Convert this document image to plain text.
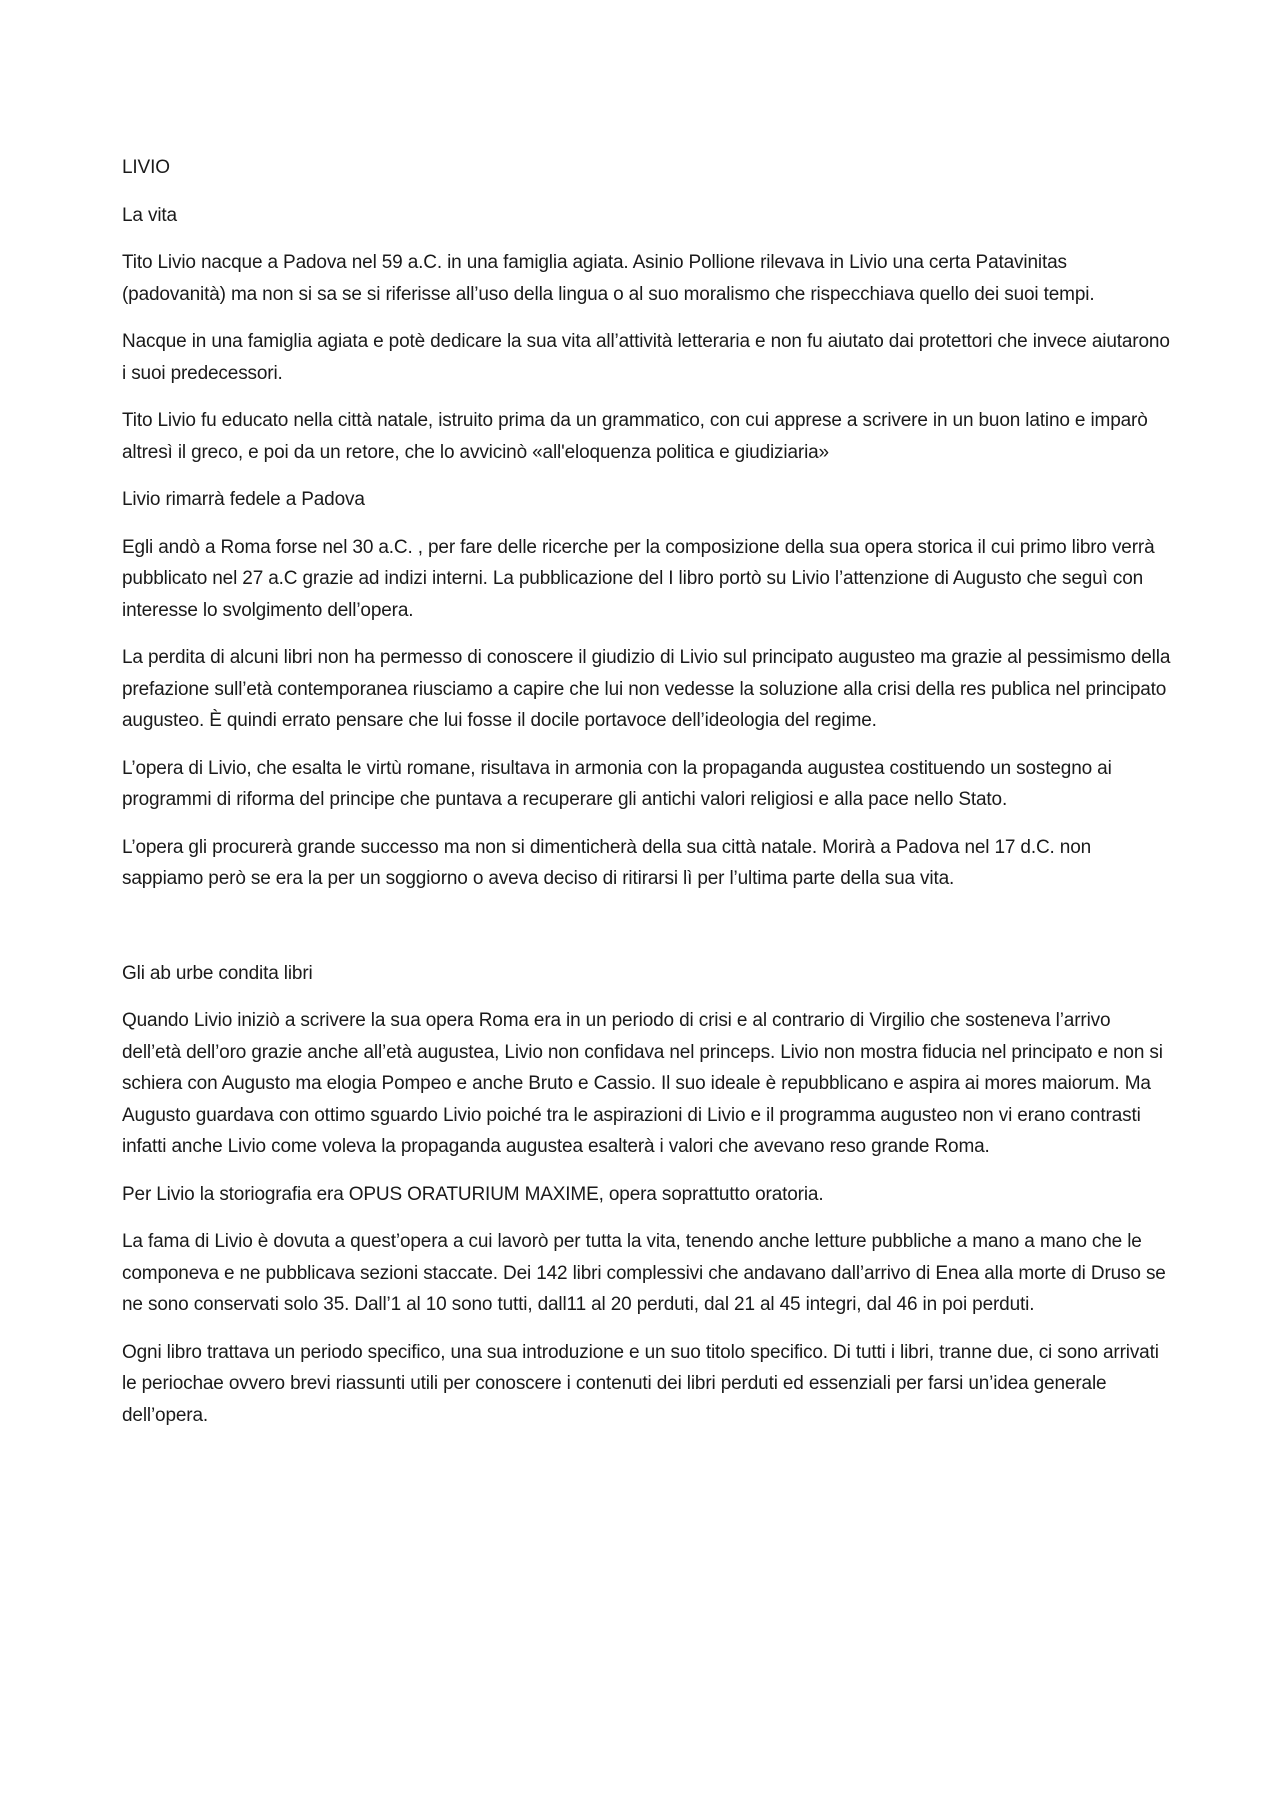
LIVIO

La vita

Tito Livio nacque a Padova nel 59 a.C. in una famiglia agiata. Asinio Pollione rilevava in Livio una certa Patavinitas (padovanità) ma non si sa se si riferisse all’uso della lingua o al suo moralismo che rispecchiava quello dei suoi tempi.

Nacque in una famiglia agiata e potè dedicare la sua vita all’attività letteraria e non fu aiutato dai protettori che invece aiutarono i suoi predecessori.

Tito Livio fu educato nella città natale, istruito prima da un grammatico, con cui apprese a scrivere in un buon latino e imparò altresì il greco, e poi da un retore, che lo avvicinò «all'eloquenza politica e giudiziaria»

Livio rimarrà fedele a Padova

Egli andò a Roma forse nel 30 a.C. , per fare delle ricerche per la composizione della sua opera storica il cui primo libro verrà pubblicato nel 27 a.C grazie ad indizi interni. La pubblicazione del I libro portò su Livio l’attenzione di Augusto che seguì con interesse lo svolgimento dell’opera.

La perdita di alcuni libri non ha permesso di conoscere il giudizio di Livio sul principato augusteo ma grazie al pessimismo della prefazione sull’età contemporanea riusciamo a capire che lui non vedesse la soluzione alla crisi della res publica nel principato augusteo. È quindi errato pensare che lui fosse il docile portavoce dell’ideologia del regime.

L’opera di Livio, che esalta le virtù romane, risultava in armonia con la propaganda augustea costituendo un sostegno ai programmi di riforma del principe che puntava a recuperare gli antichi valori religiosi e alla pace nello Stato.

L’opera gli procurerà grande successo ma non si dimenticherà della sua città natale. Morirà a Padova nel 17 d.C. non sappiamo però se era la per un soggiorno o aveva deciso di ritirarsi lì per l’ultima parte della sua vita.

Gli ab urbe condita libri

Quando Livio iniziò a scrivere la sua opera Roma era in un periodo di crisi e al contrario di Virgilio che sosteneva l’arrivo dell’età dell’oro grazie anche all’età augustea, Livio non confidava nel princeps. Livio non mostra fiducia nel principato e non si schiera con Augusto ma elogia Pompeo e anche Bruto e Cassio. Il suo ideale è repubblicano e aspira ai mores maiorum. Ma Augusto guardava con ottimo sguardo Livio poiché tra le aspirazioni di Livio e il programma augusteo non vi erano contrasti infatti anche Livio come voleva la propaganda augustea esalterà i valori che avevano reso grande Roma.

Per Livio la storiografia era OPUS ORATURIUM MAXIME, opera soprattutto oratoria.

La fama di Livio è dovuta a quest’opera a cui lavorò per tutta la vita, tenendo anche letture pubbliche a mano a mano che le componeva e ne pubblicava sezioni staccate. Dei 142 libri complessivi che andavano dall’arrivo di Enea alla morte di Druso se ne sono conservati solo 35. Dall’1 al 10 sono tutti, dall11 al 20 perduti, dal 21 al 45 integri, dal 46 in poi perduti.

Ogni libro trattava un periodo specifico, una sua introduzione e un suo titolo specifico. Di tutti i libri, tranne due, ci sono arrivati le periochae ovvero brevi riassunti utili per conoscere i contenuti dei libri perduti ed essenziali per farsi un’idea generale dell’opera.
